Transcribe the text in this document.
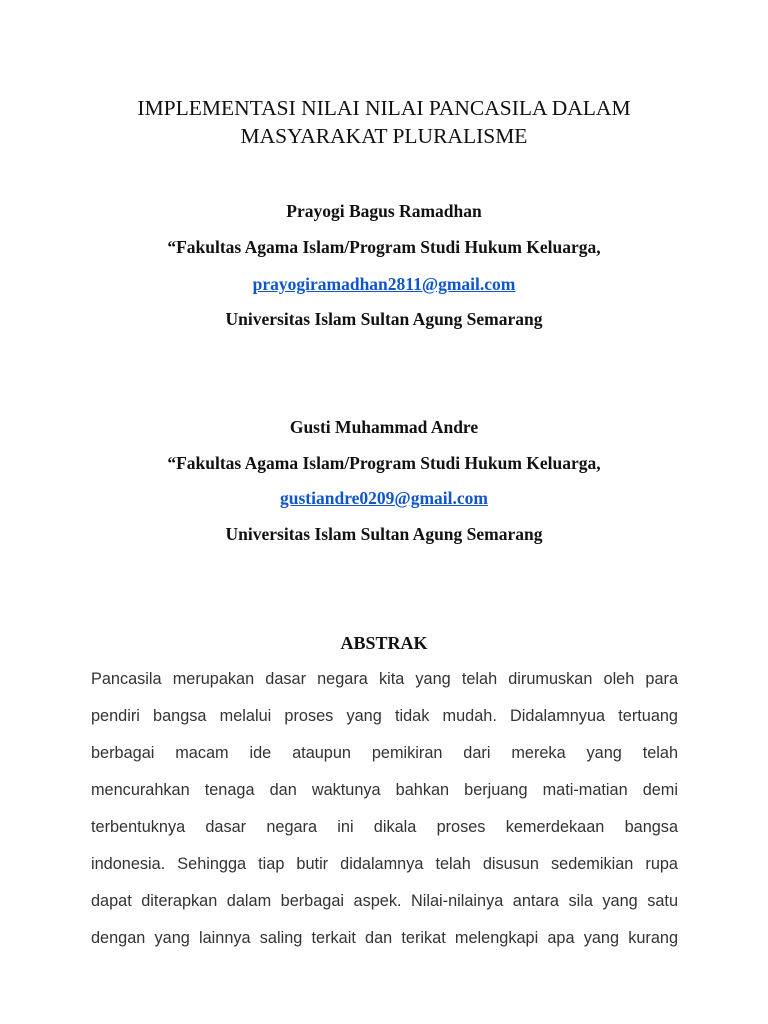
IMPLEMENTASI NILAI NILAI PANCASILA DALAM
MASYARAKAT PLURALISME
Prayogi Bagus Ramadhan
“Fakultas Agama Islam/Program Studi Hukum Keluarga,
prayogiramadhan2811@gmail.com
Universitas Islam Sultan Agung Semarang
Gusti Muhammad Andre
“Fakultas Agama Islam/Program Studi Hukum Keluarga,
gustiandre0209@gmail.com
Universitas Islam Sultan Agung Semarang
ABSTRAK
Pancasila merupakan dasar negara kita yang telah dirumuskan oleh para
pendiri bangsa melalui proses yang tidak mudah. Didalamnyua tertuang
berbagai macam ide ataupun pemikiran dari mereka yang telah
mencurahkan tenaga dan waktunya bahkan berjuang mati-matian demi
terbentuknya dasar negara ini dikala proses kemerdekaan bangsa
indonesia. Sehingga tiap butir didalamnya telah disusun sedemikian rupa
dapat diterapkan dalam berbagai aspek. Nilai-nilainya antara sila yang satu
dengan yang lainnya saling terkait dan terikat melengkapi apa yang kurang
